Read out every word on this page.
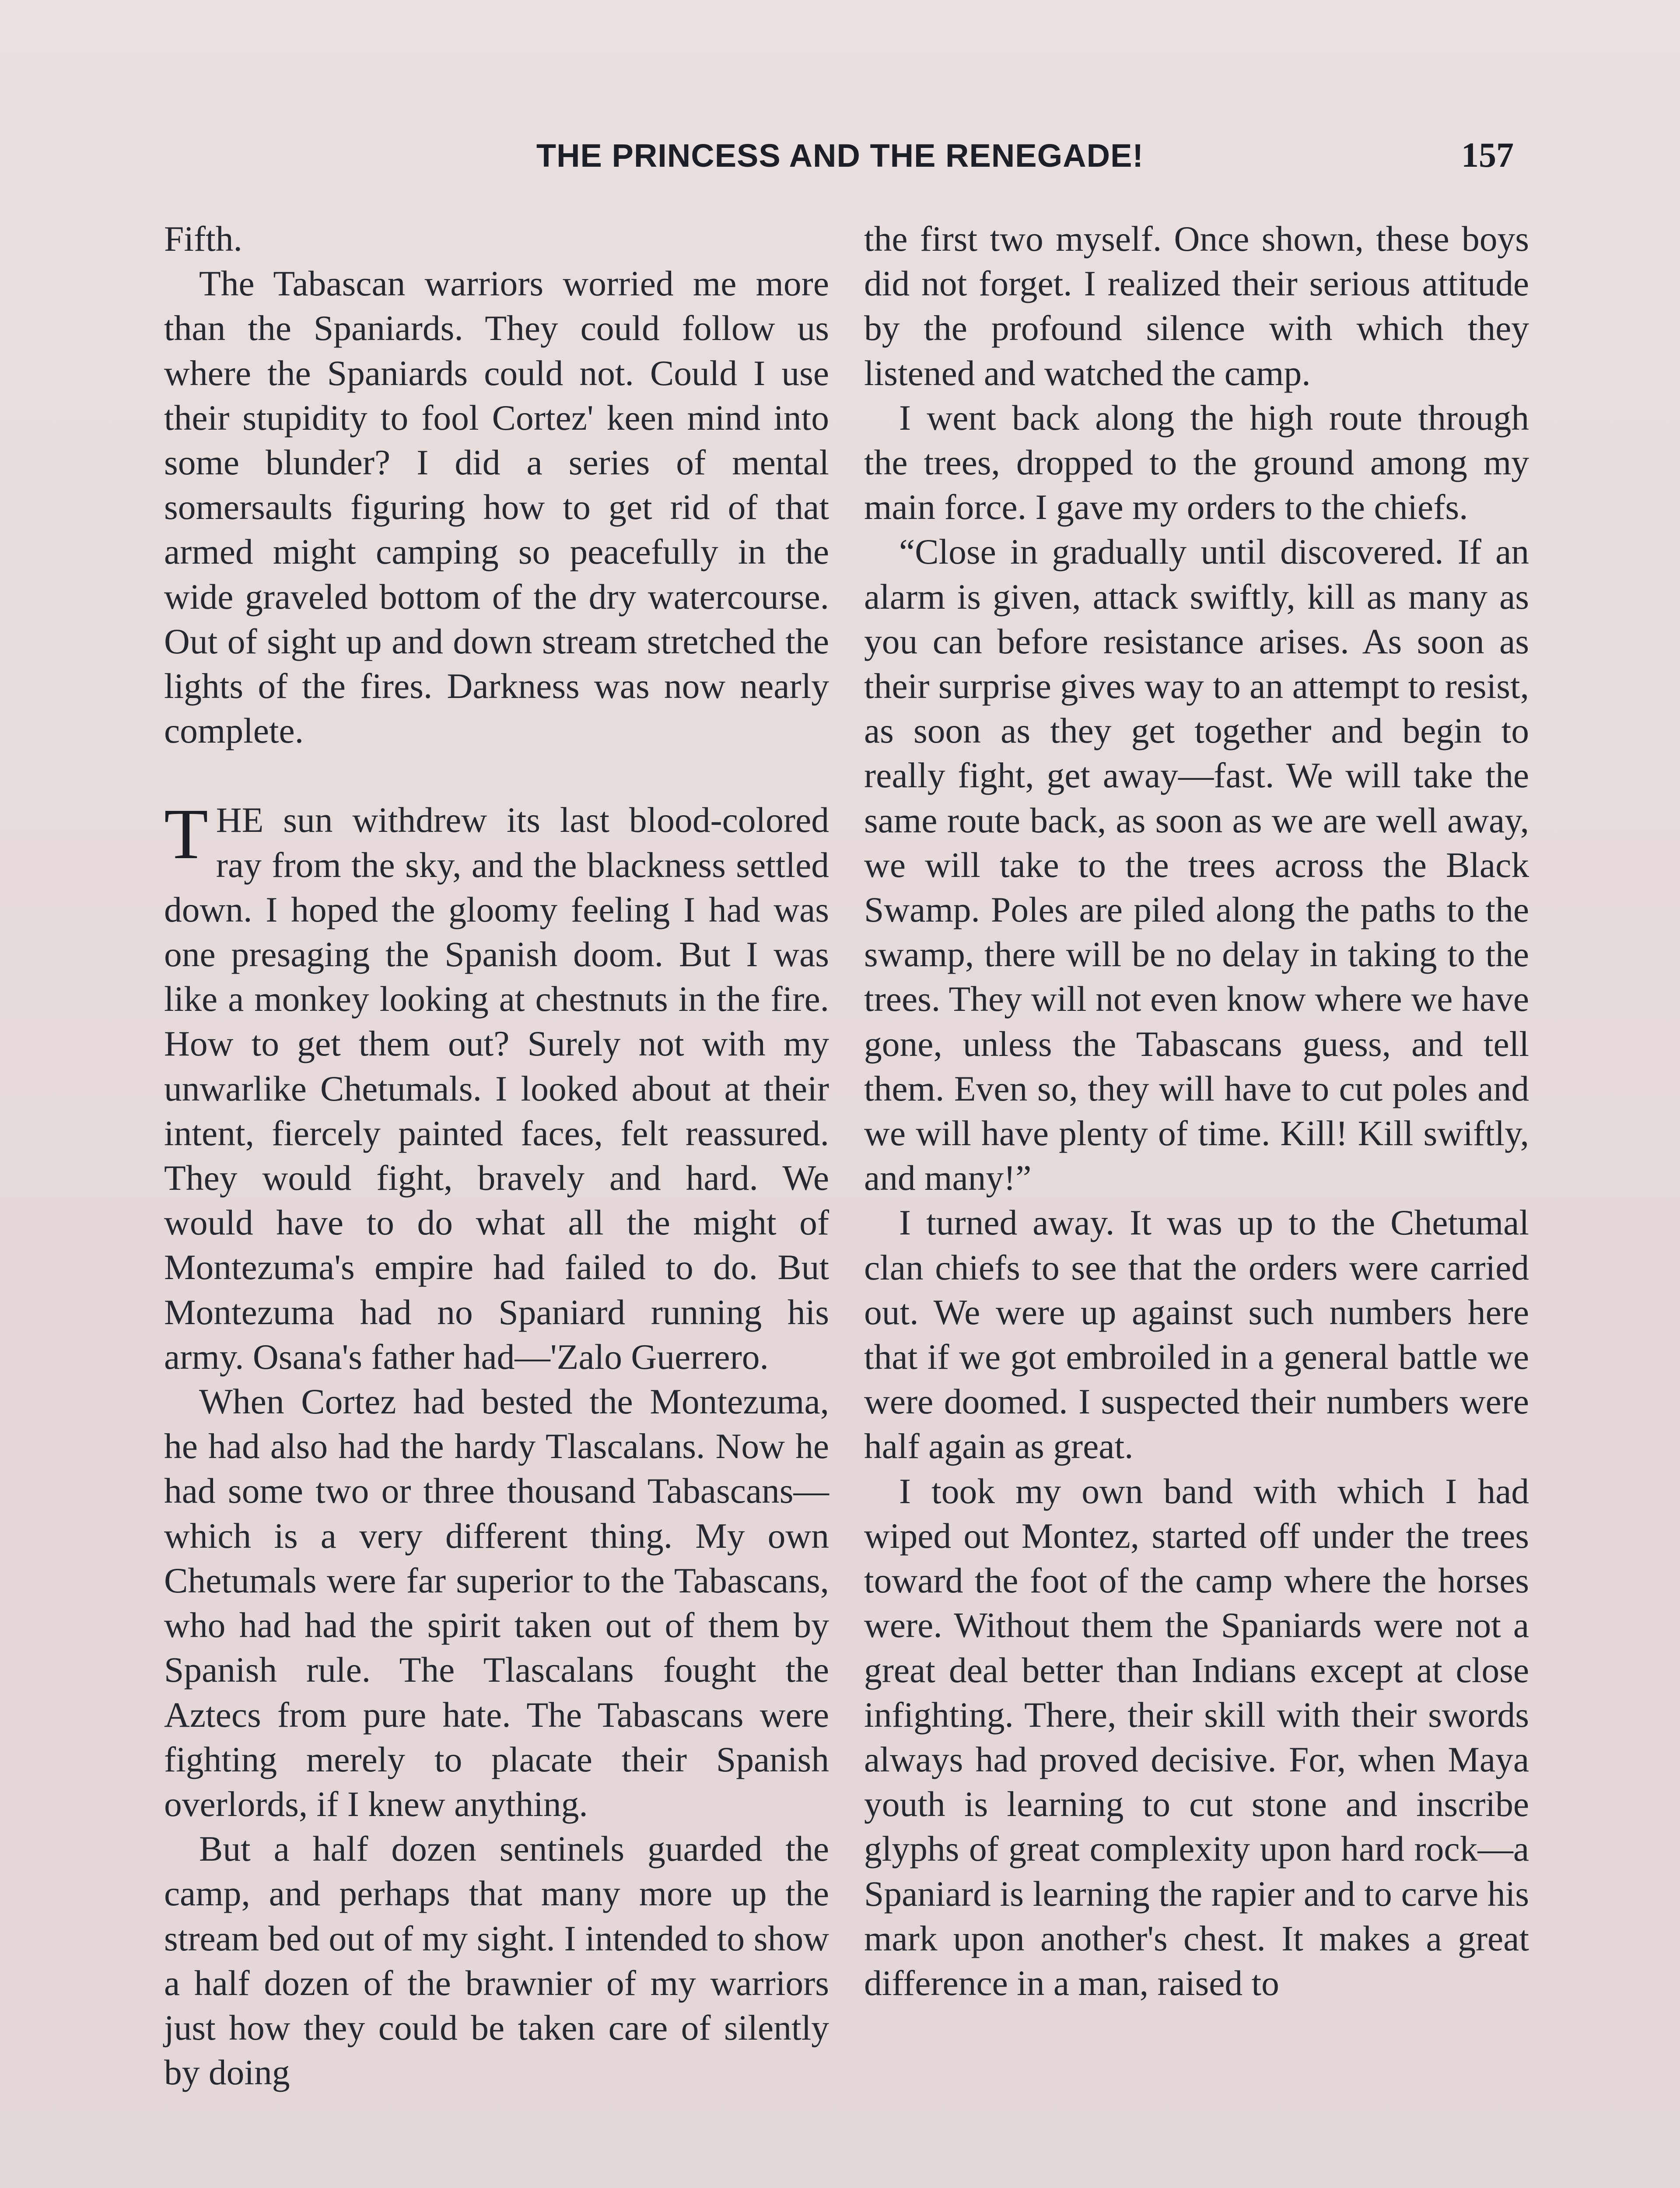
THE PRINCESS AND THE RENEGADE!	157

Fifth.

The Tabascan warriors worried me more than the Spaniards. They could follow us where the Spaniards could not. Could I use their stupidity to fool Cortez' keen mind into some blunder? I did a series of mental somersaults figuring how to get rid of that armed might camping so peacefully in the wide graveled bottom of the dry watercourse. Out of sight up and down stream stretched the lights of the fires. Darkness was now nearly complete.

THE sun withdrew its last blood-colored ray from the sky, and the blackness settled down. I hoped the gloomy feeling I had was one presaging the Spanish doom. But I was like a monkey looking at chestnuts in the fire. How to get them out? Surely not with my unwarlike Chetumals. I looked about at their intent, fiercely painted faces, felt reassured. They would fight, bravely and hard. We would have to do what all the might of Montezuma's empire had failed to do. But Montezuma had no Spaniard running his army. Osana's father had—'Zalo Guerrero.

When Cortez had bested the Montezuma, he had also had the hardy Tlascalans. Now he had some two or three thousand Tabascans—which is a very different thing. My own Chetumals were far superior to the Tabascans, who had had the spirit taken out of them by Spanish rule. The Tlascalans fought the Aztecs from pure hate. The Tabascans were fighting merely to placate their Spanish overlords, if I knew anything.

But a half dozen sentinels guarded the camp, and perhaps that many more up the stream bed out of my sight. I intended to show a half dozen of the brawnier of my warriors just how they could be taken care of silently by doing

the first two myself. Once shown, these boys did not forget. I realized their serious attitude by the profound silence with which they listened and watched the camp.

I went back along the high route through the trees, dropped to the ground among my main force. I gave my orders to the chiefs.

“Close in gradually until discovered. If an alarm is given, attack swiftly, kill as many as you can before resistance arises. As soon as their surprise gives way to an attempt to resist, as soon as they get together and begin to really fight, get away—fast. We will take the same route back, as soon as we are well away, we will take to the trees across the Black Swamp. Poles are piled along the paths to the swamp, there will be no delay in taking to the trees. They will not even know where we have gone, unless the Tabascans guess, and tell them. Even so, they will have to cut poles and we will have plenty of time. Kill! Kill swiftly, and many!”

I turned away. It was up to the Chetumal clan chiefs to see that the orders were carried out. We were up against such numbers here that if we got embroiled in a general battle we were doomed. I suspected their numbers were half again as great.

I took my own band with which I had wiped out Montez, started off under the trees toward the foot of the camp where the horses were. Without them the Spaniards were not a great deal better than Indians except at close infighting. There, their skill with their swords always had proved decisive. For, when Maya youth is learning to cut stone and inscribe glyphs of great complexity upon hard rock—a Spaniard is learning the rapier and to carve his mark upon another's chest. It makes a great difference in a man, raised to
